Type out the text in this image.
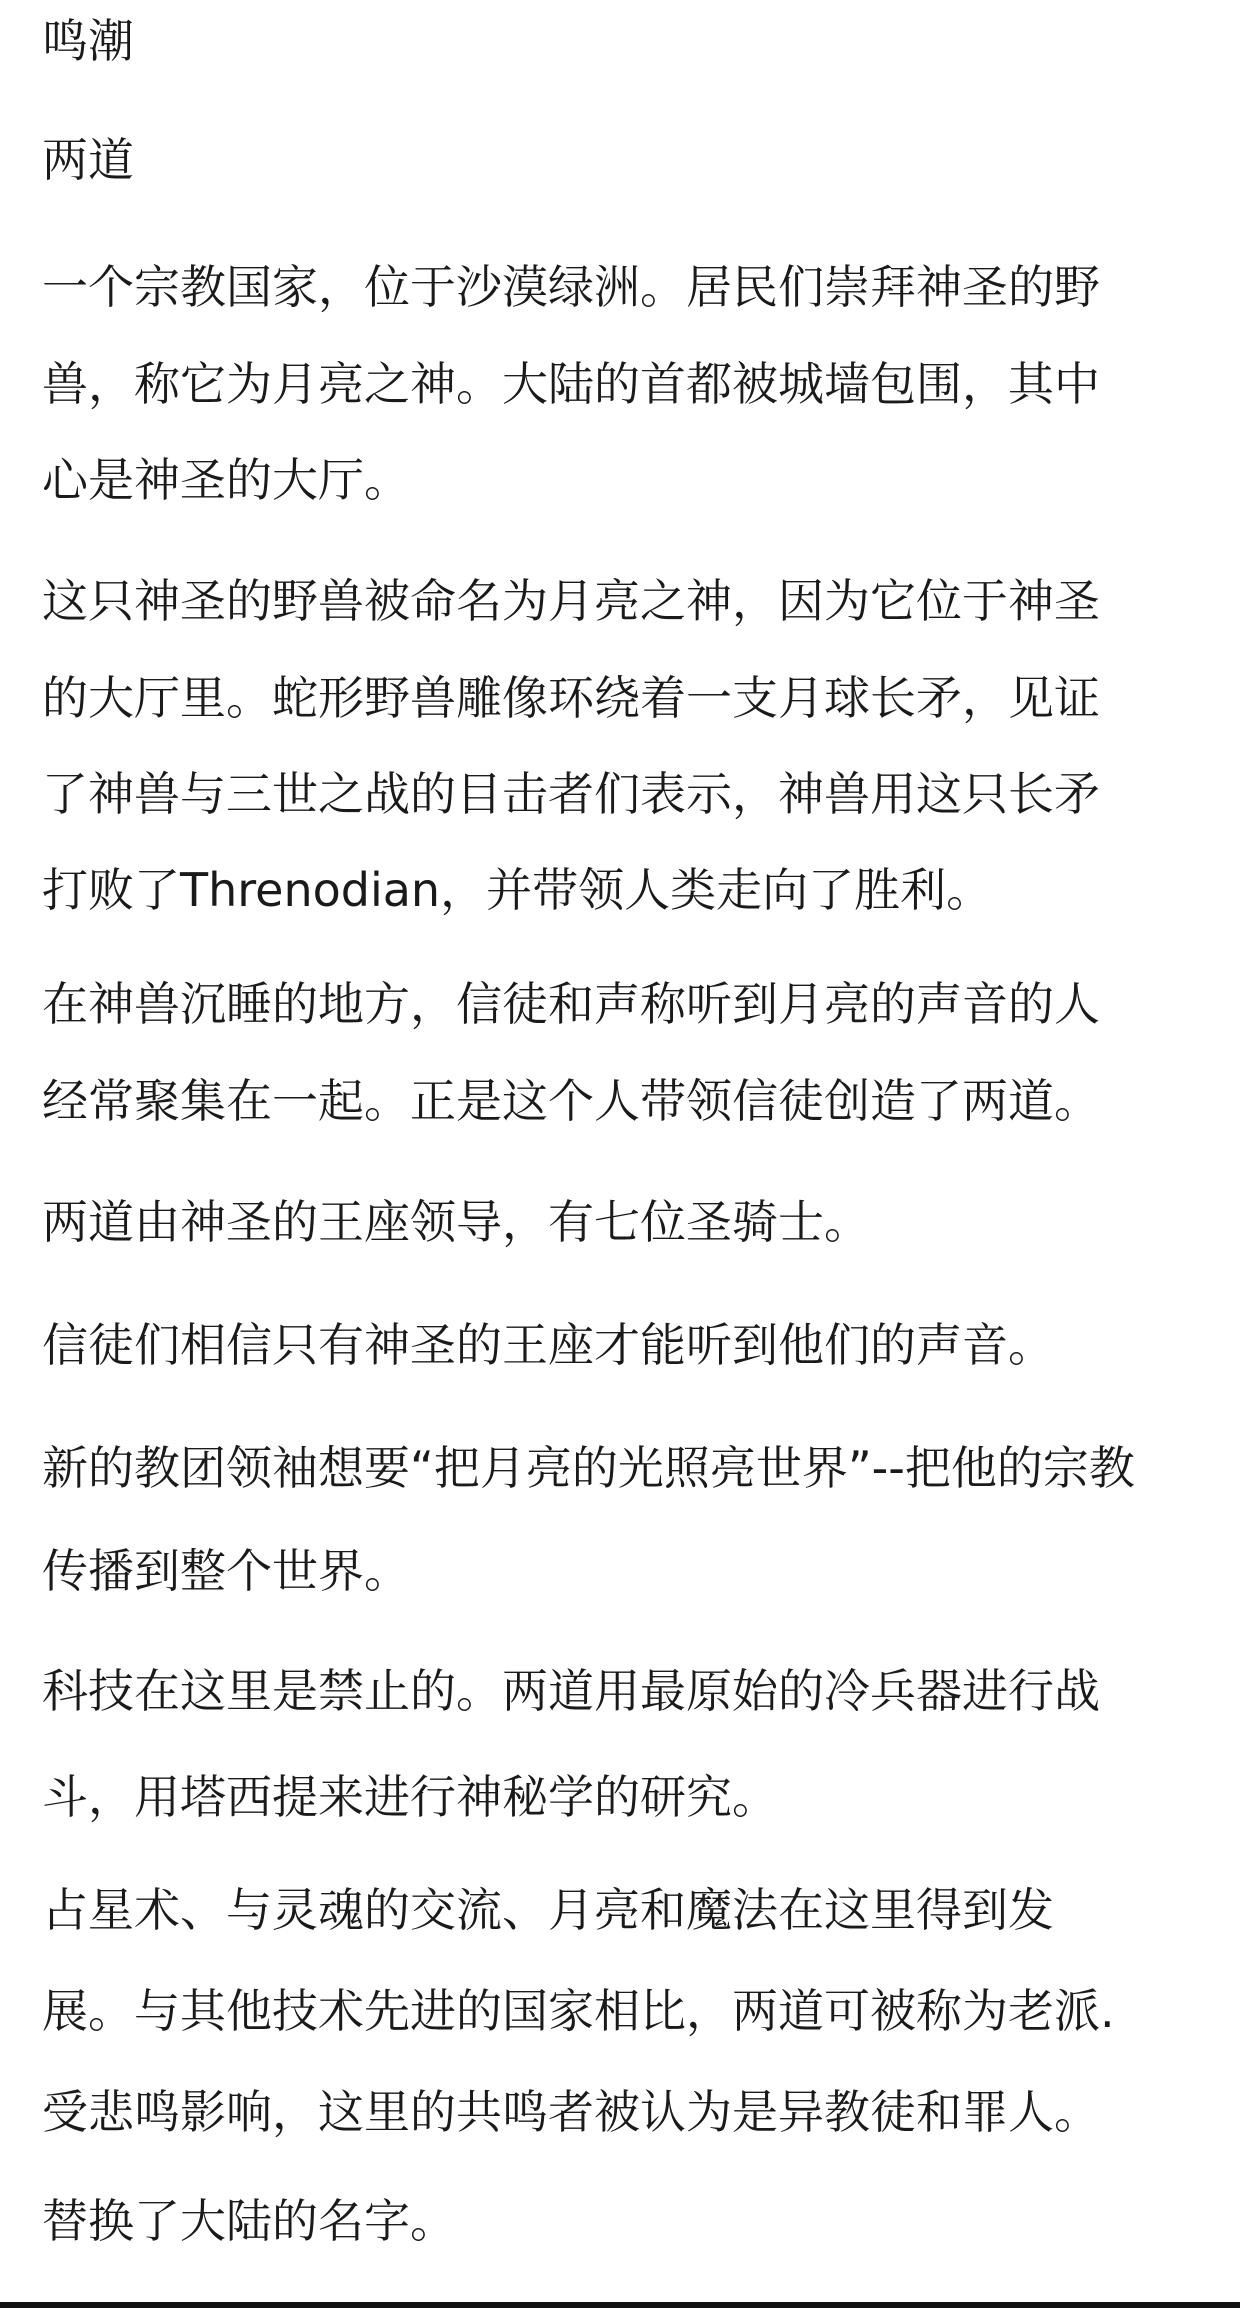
鸣潮
两道
一个宗教国家，位于沙漠绿洲。居民们崇拜神圣的野
兽，称它为月亮之神。大陆的首都被城墙包围，其中
心是神圣的大厅。
这只神圣的野兽被命名为月亮之神，因为它位于神圣
的大厅里。蛇形野兽雕像环绕着一支月球长矛，见证
了神兽与三世之战的目击者们表示，神兽用这只长矛
打败了Threnodian，并带领人类走向了胜利。
在神兽沉睡的地方，信徒和声称听到月亮的声音的人
经常聚集在一起。正是这个人带领信徒创造了两道。
两道由神圣的王座领导，有七位圣骑士。
信徒们相信只有神圣的王座才能听到他们的声音。
新的教团领袖想要“把月亮的光照亮世界”--把他的宗教
传播到整个世界。
科技在这里是禁止的。两道用最原始的冷兵器进行战
斗，用塔西提来进行神秘学的研究。
占星术、与灵魂的交流、月亮和魔法在这里得到发
展。与其他技术先进的国家相比，两道可被称为老派.
受悲鸣影响，这里的共鸣者被认为是异教徒和罪人。
替换了大陆的名字。
